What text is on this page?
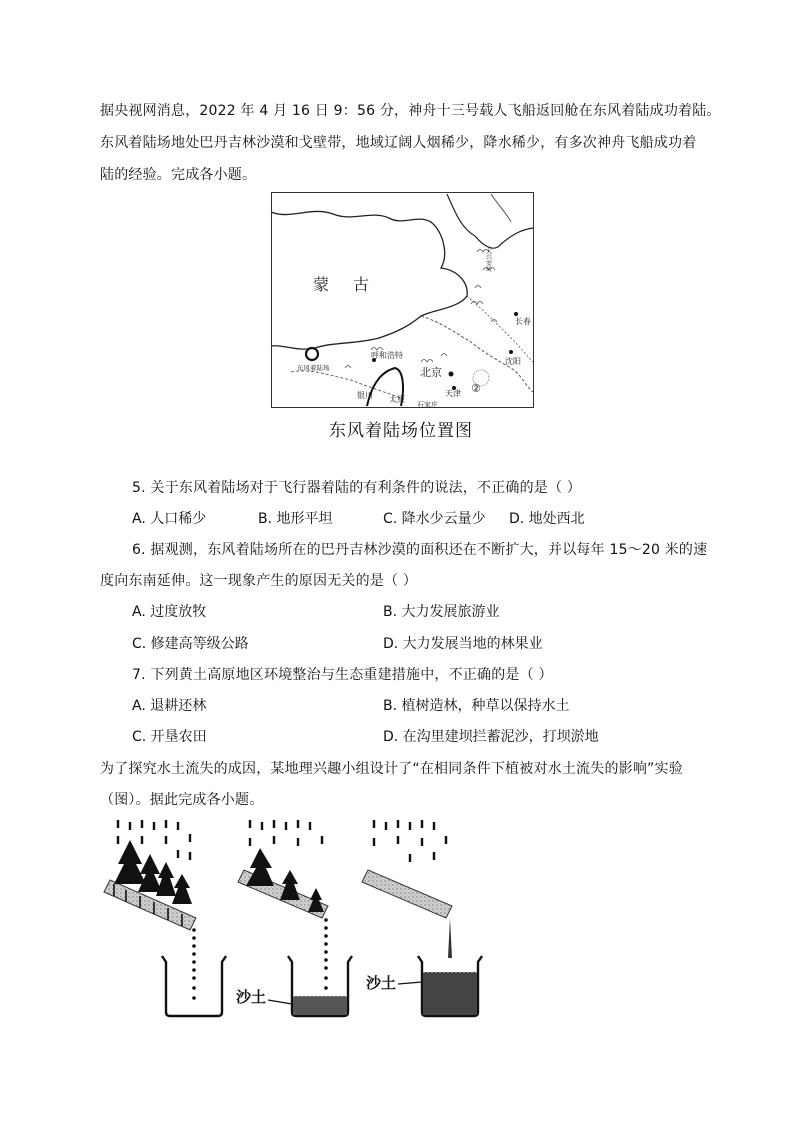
据央视网消息，2022 年 4 月 16 日 9：56 分，神舟十三号载人飞船返回舱在东风着陆成功着陆。
东风着陆场地处巴丹吉林沙漠和戈壁带，地域辽阔人烟稀少，降水稀少，有多次神舟飞船成功着
陆的经验。完成各小题。
蒙 古
东风着陆场
呼和浩特
北京
天津
沈阳
长春
银川 太原
石家庄
②
大兴安岭
东风着陆场位置图
5. 关于东风着陆场对于飞行器着陆的有利条件的说法，不正确的是（ ）
A. 人口稀少	B. 地形平坦	C. 降水少云量少 D. 地处西北
6. 据观测，东风着陆场所在的巴丹吉林沙漠的面积还在不断扩大，并以每年 15～20 米的速
度向东南延伸。这一现象产生的原因无关的是（ ）
A. 过度放牧	B. 大力发展旅游业
C. 修建高等级公路	D. 大力发展当地的林果业
7. 下列黄土高原地区环境整治与生态重建措施中，不正确的是（ ）
A. 退耕还林	B. 植树造林，种草以保持水土
C. 开垦农田	D. 在沟里建坝拦蓄泥沙，打坝淤地
为了探究水土流失的成因，某地理兴趣小组设计了“在相同条件下植被对水土流失的影响”实验
（图）。据此完成各小题。
沙土
沙土
